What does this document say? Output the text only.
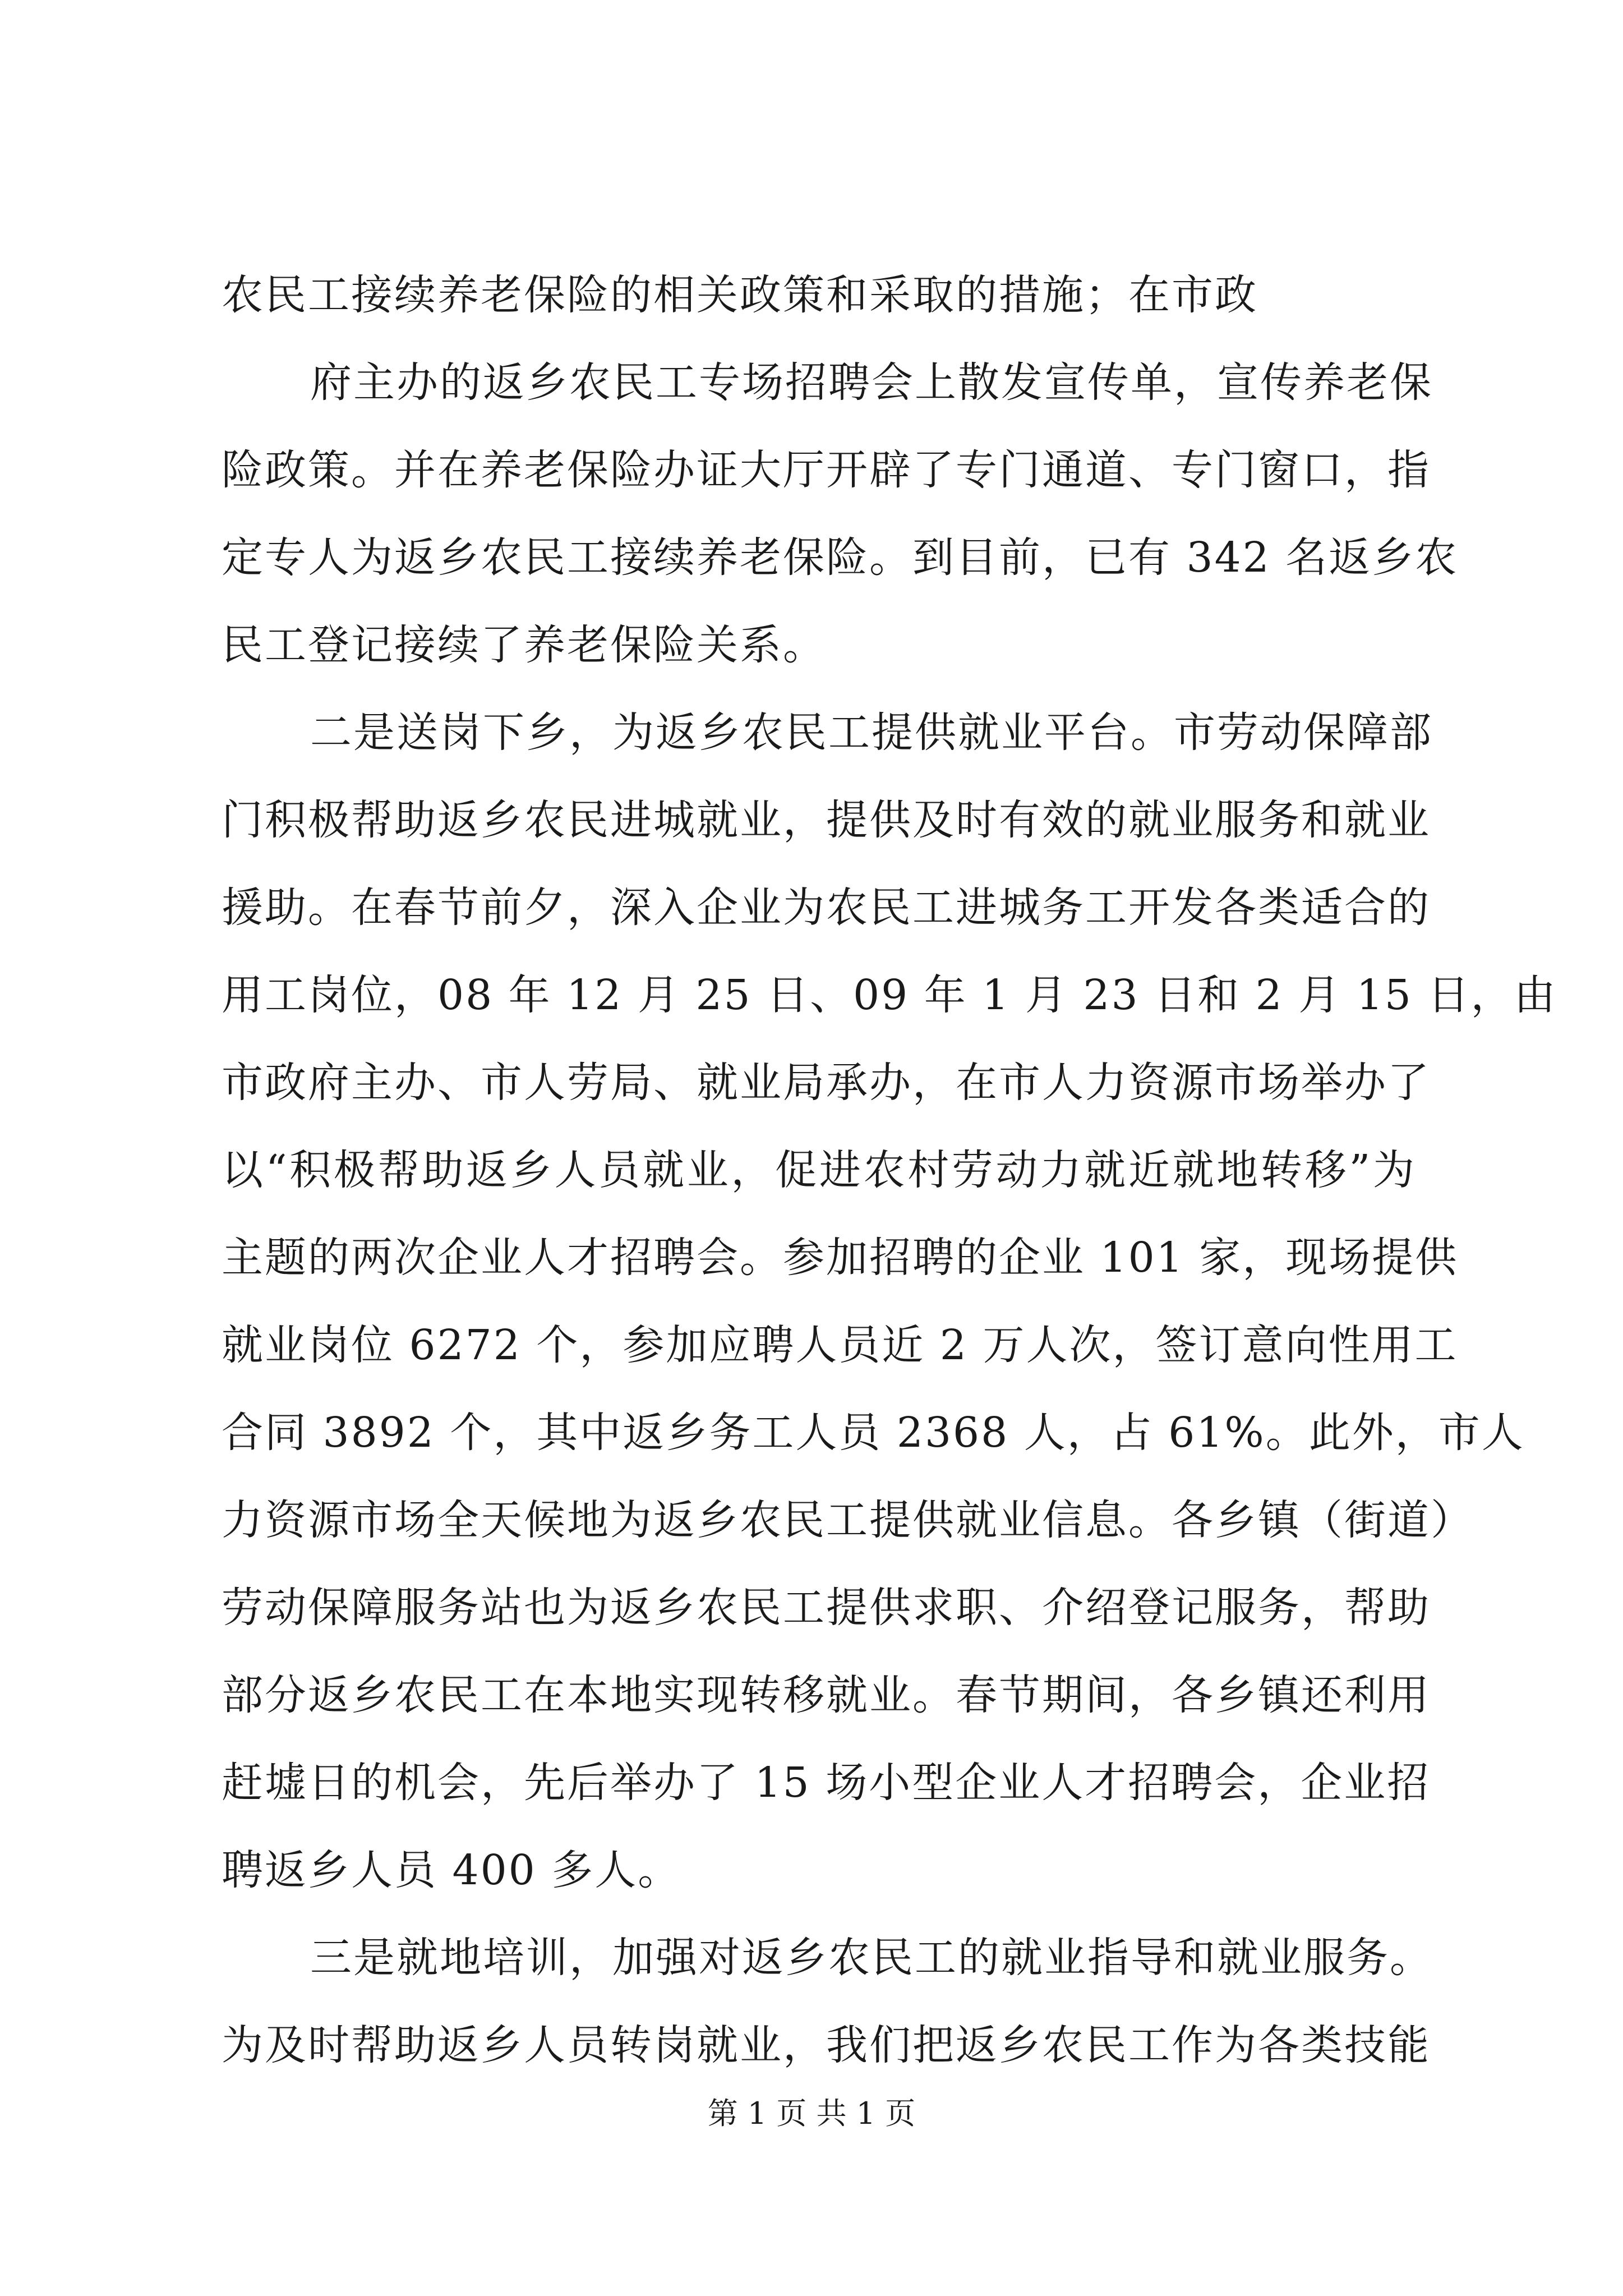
农民工接续养老保险的相关政策和采取的措施；在市政
府主办的返乡农民工专场招聘会上散发宣传单，宣传养老保
险政策。并在养老保险办证大厅开辟了专门通道、专门窗口，指
定专人为返乡农民工接续养老保险。到目前，已有 342 名返乡农
民工登记接续了养老保险关系。
二是送岗下乡，为返乡农民工提供就业平台。市劳动保障部
门积极帮助返乡农民进城就业，提供及时有效的就业服务和就业
援助。在春节前夕，深入企业为农民工进城务工开发各类适合的
用工岗位，08 年 12 月 25 日、09 年 1 月 23 日和 2 月 15 日，由
市政府主办、市人劳局、就业局承办，在市人力资源市场举办了
以“积极帮助返乡人员就业，促进农村劳动力就近就地转移”为
主题的两次企业人才招聘会。参加招聘的企业 101 家，现场提供
就业岗位 6272 个，参加应聘人员近 2 万人次，签订意向性用工
合同 3892 个，其中返乡务工人员 2368 人，占 61%。此外，市人
力资源市场全天候地为返乡农民工提供就业信息。各乡镇（街道）
劳动保障服务站也为返乡农民工提供求职、介绍登记服务，帮助
部分返乡农民工在本地实现转移就业。春节期间，各乡镇还利用
赶墟日的机会，先后举办了 15 场小型企业人才招聘会，企业招
聘返乡人员 400 多人。
三是就地培训，加强对返乡农民工的就业指导和就业服务。
为及时帮助返乡人员转岗就业，我们把返乡农民工作为各类技能
第 1 页 共 1 页
